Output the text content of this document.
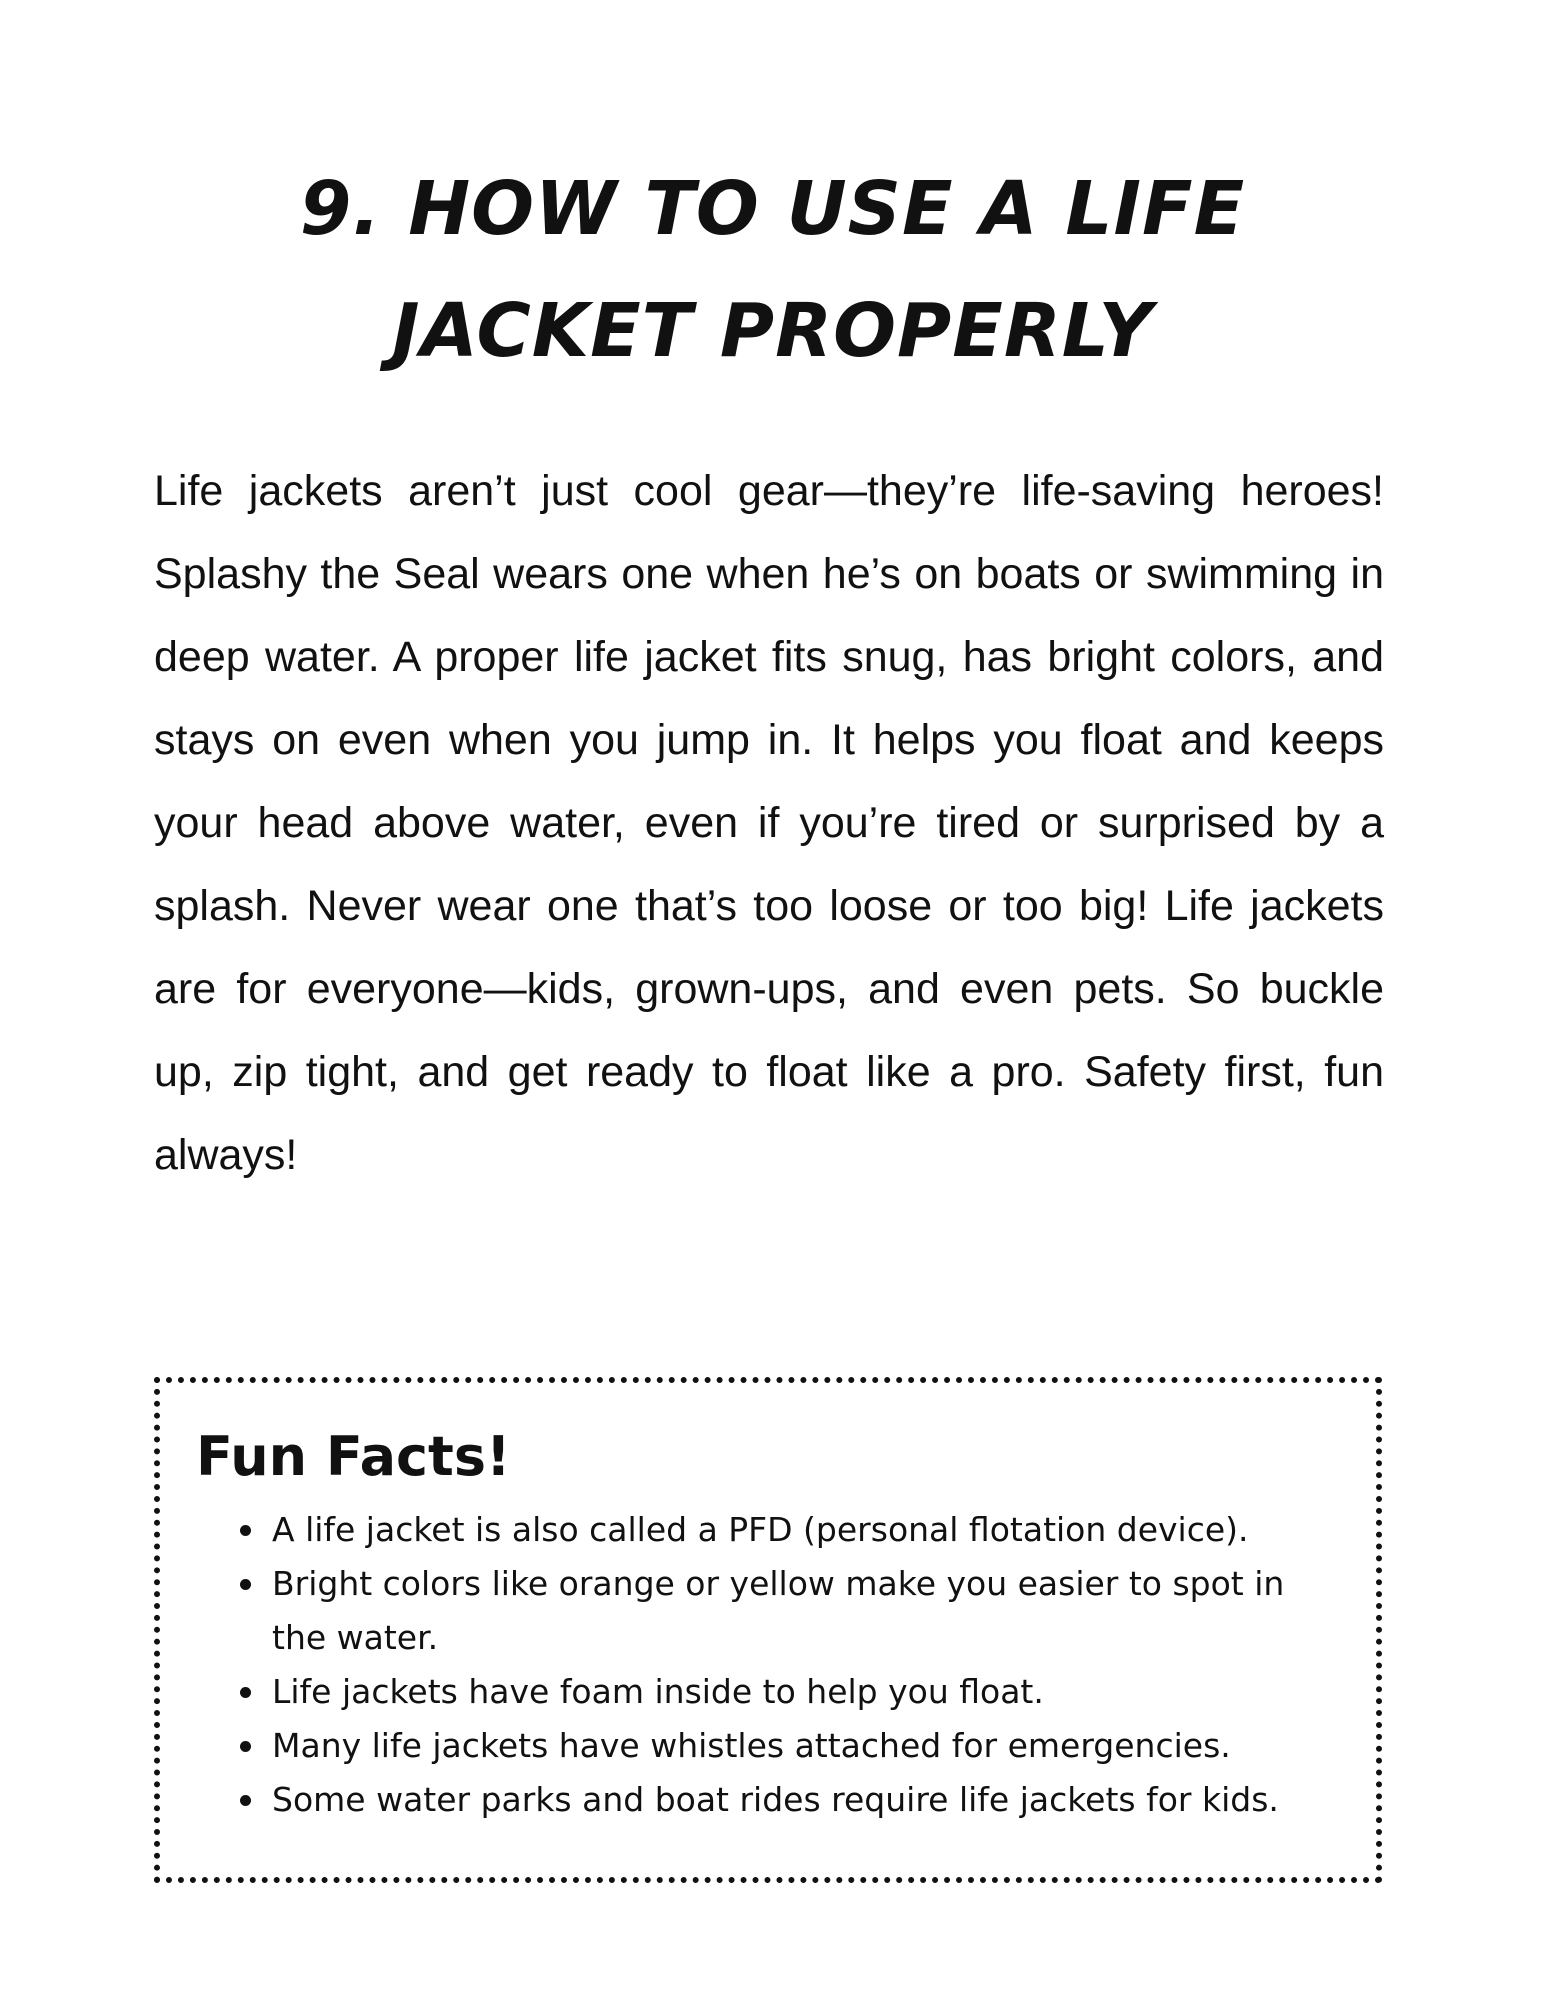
9. HOW TO USE A LIFE JACKET PROPERLY

Life jackets aren’t just cool gear—they’re life-saving heroes! Splashy the Seal wears one when he’s on boats or swimming in deep water. A proper life jacket fits snug, has bright colors, and stays on even when you jump in. It helps you float and keeps your head above water, even if you’re tired or surprised by a splash. Never wear one that’s too loose or too big! Life jackets are for everyone—kids, grown-ups, and even pets. So buckle up, zip tight, and get ready to float like a pro. Safety first, fun always!

Fun Facts!
• A life jacket is also called a PFD (personal flotation device).
• Bright colors like orange or yellow make you easier to spot in the water.
• Life jackets have foam inside to help you float.
• Many life jackets have whistles attached for emergencies.
• Some water parks and boat rides require life jackets for kids.
